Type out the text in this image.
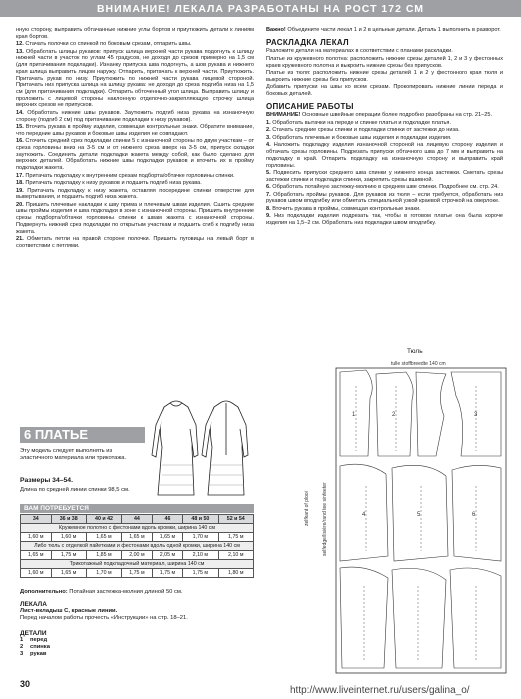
ВНИМАНИЕ! ЛЕКАЛА РАЗРАБОТАНЫ НА РОСТ 172 СМ
нную сторону, выправить обтачанные нижние углы бортов и приутюжить детали к линиям края бортов.
12. Стачать полочки со спинкой по боковым срезам, отпарить швы.
13. Обработать шлицы рукавов: припуск шлица верхней части рукава подогнуть к шлицу нижней части в участок по углам 45 градусов, не доходя до срезов примерно на 1,5 см (для притачивания подкладки). Изнанку припуска шва подогнуть, а шов рукава и нижнего края шлица выправить лицом наружу. Отпарить, притачать к верхней части. Приутюжить. Притачать рукав по низу. Приутюжить по нижней части рукава лицевой стороной. Притачать низ припуска шлица на шлицу рукава: не доходя до среза подгиба низа на 1,5 см (для притачивания подкладки). Отпарить обточенный угол шлица. Выправить шлицу и проложить с лицевой стороны наклонную отделочно-закрепляющую строчку шлица верхних срезов не припусков.
14. Обработать нижние швы рукавов. Заутюжить подгиб низа рукава на изнаночную сторону (подгиб 2 см) под притачивание подкладки к низу рукавов).
15. Вточить рукава в пройму изделия, совмещая контрольные знаки. Обратите внимание, что передние швы рукавов и боковые швы изделия не совпадают.
16. Сточить средний срез подкладки спинки 5 с изнаночной стороны по двум участкам – от среза горловины вниз на 3-5 см и от нижнего среза вверх на 3-5 см, припуск складки заутюжить. Соединить детали подкладки жакета между собой, как было сделано для верхних деталей. Обработать нижние швы подкладки рукавов и вточить их в пройму подкладки жакета.
17. Притачать подкладку к внутренним срезам подборта/обтачке горловины спинки.
18. Притачать подкладку к низу рукавов и подшить подгиб низа рукава.
19. Притачать подкладку к низу жакета, оставляя посередине спинки отверстие для вывертывания, и подшить подгиб низа жакета.
20. Пришить плечевые накладки к шву прима и плечевым швам изделия. Сшить средние швы проймы изделия и шва подкладки в зоне с изнаночной стороны. Пришить внутренние срезы подборта/обтачки горловины спинки к швам жакета с изнаночной стороны. Подвернуть нижний срез подкладки по открытым участкам и подшить сгиб к подгибу низа жакета.
21. Обметать петли на правой стороне полочки. Пришить пуговицы на левый борт в соответствии с петлями.
Важно! Объедините части лекал 1 и 2 в цельные детали. Деталь 1 выполнить в разворот.
РАСКЛАДКА ЛЕКАЛ
Разложите детали на материалах в соответствии с планами раскладки.
Платье из кружевного полотна: расположить нижние срезы деталей 1, 2 и 3 у фестонных краев кружевного полотна и выкроить нижние срезы без припусков.
Платье из тюля: расположить нижние срезы деталей 1 и 2 у фестонного края тюля и выкроить нижние срезы без припусков.
Добавить припуски на швы ко всем срезам. Прокопировать нижние линии переда и боковых деталей.
ОПИСАНИЕ РАБОТЫ
ВНИМАНИЕ! Основные швейные операции более подробно разобраны на стр. 21–25.
1. Обработать вытачки на переде и спинке платья и подкладке платья.
2. Стачать средние срезы спинки и подкладки спинки от застежки до низа.
3. Обработать плечевые и боковые швы изделия и подкладки изделия.
4. Наложить подкладку изделия изнаночной стороной на лицевую сторону изделия и обтачать срезы горловины. Подрезать припуски обтачного шва до 7 мм и выправить на подкладку в край. Отпарить подкладку на изнаночную сторону и выправить край горловины.
5. Подвесить припуски среднего шва спинки у нижнего конца застежки. Сметать срезы застежки спинки и подкладки спинки, закрепить срезы вшивной.
6. Обработать потайную застежку-молнию в среднем шве спинки. Подробнее см. стр. 24.
7. Обработать проймы рукавов. Для рукавов из тюля – если требуется, обработать низ рукавов швом вподгибку или обметать специальной узкой краевой строчкой на оверлоке.
8. Вточить рукава в проймы, совмещая контрольные знаки.
9. Низ подкладки изделия подрезать так, чтобы в готовом платье она была короче изделия на 1,5–2 см. Обработать низ подкладки швом вподгибку.
Тюль
tulle stoffbreedte 140 cm
zelfkant of plooi selfedge/lisière/rand tee sinfeeter
1	2	3
4	5	6
6 ПЛАТЬЕ
Эту модель следует выполнять из эластичного материала или трикотажа.
Размеры 34–54.
Длина по средней линии спинки 98,5 см.
ВАМ ПОТРЕБУЕТСЯ
34	36 и 38	40 и 42	44	46	48 и 50	52 и 54
Кружевное полотно с фестонами вдоль кромки, ширина 140 см						
1,60 м	1,60 м	1,65 м	1,65 м	1,65 м	1,70 м	1,75 м
Либо тюль с отделкой пайетками и фестонами вдоль одной кромки, ширина 140 см						
1,65 м	1,75 м	1,85 м	2,00 м	2,05 м	2,10 м	2,10 м
Трикотажный подкладочный материал, ширина 140 см						
1,60 м	1,65 м	1,70 м	1,75 м	1,75 м	1,75 м	1,80 м
Дополнительно: Потайная застежка-молния длиной 50 см.
ЛЕКАЛА
Лист-вкладыш C, красные линии.
Перед началом работы прочесть «Инструкции» на стр. 18–21.
ДЕТАЛИ
1 перед
2 спинка
3 рукав
30
http://www.liveinternet.ru/users/galina_o/
